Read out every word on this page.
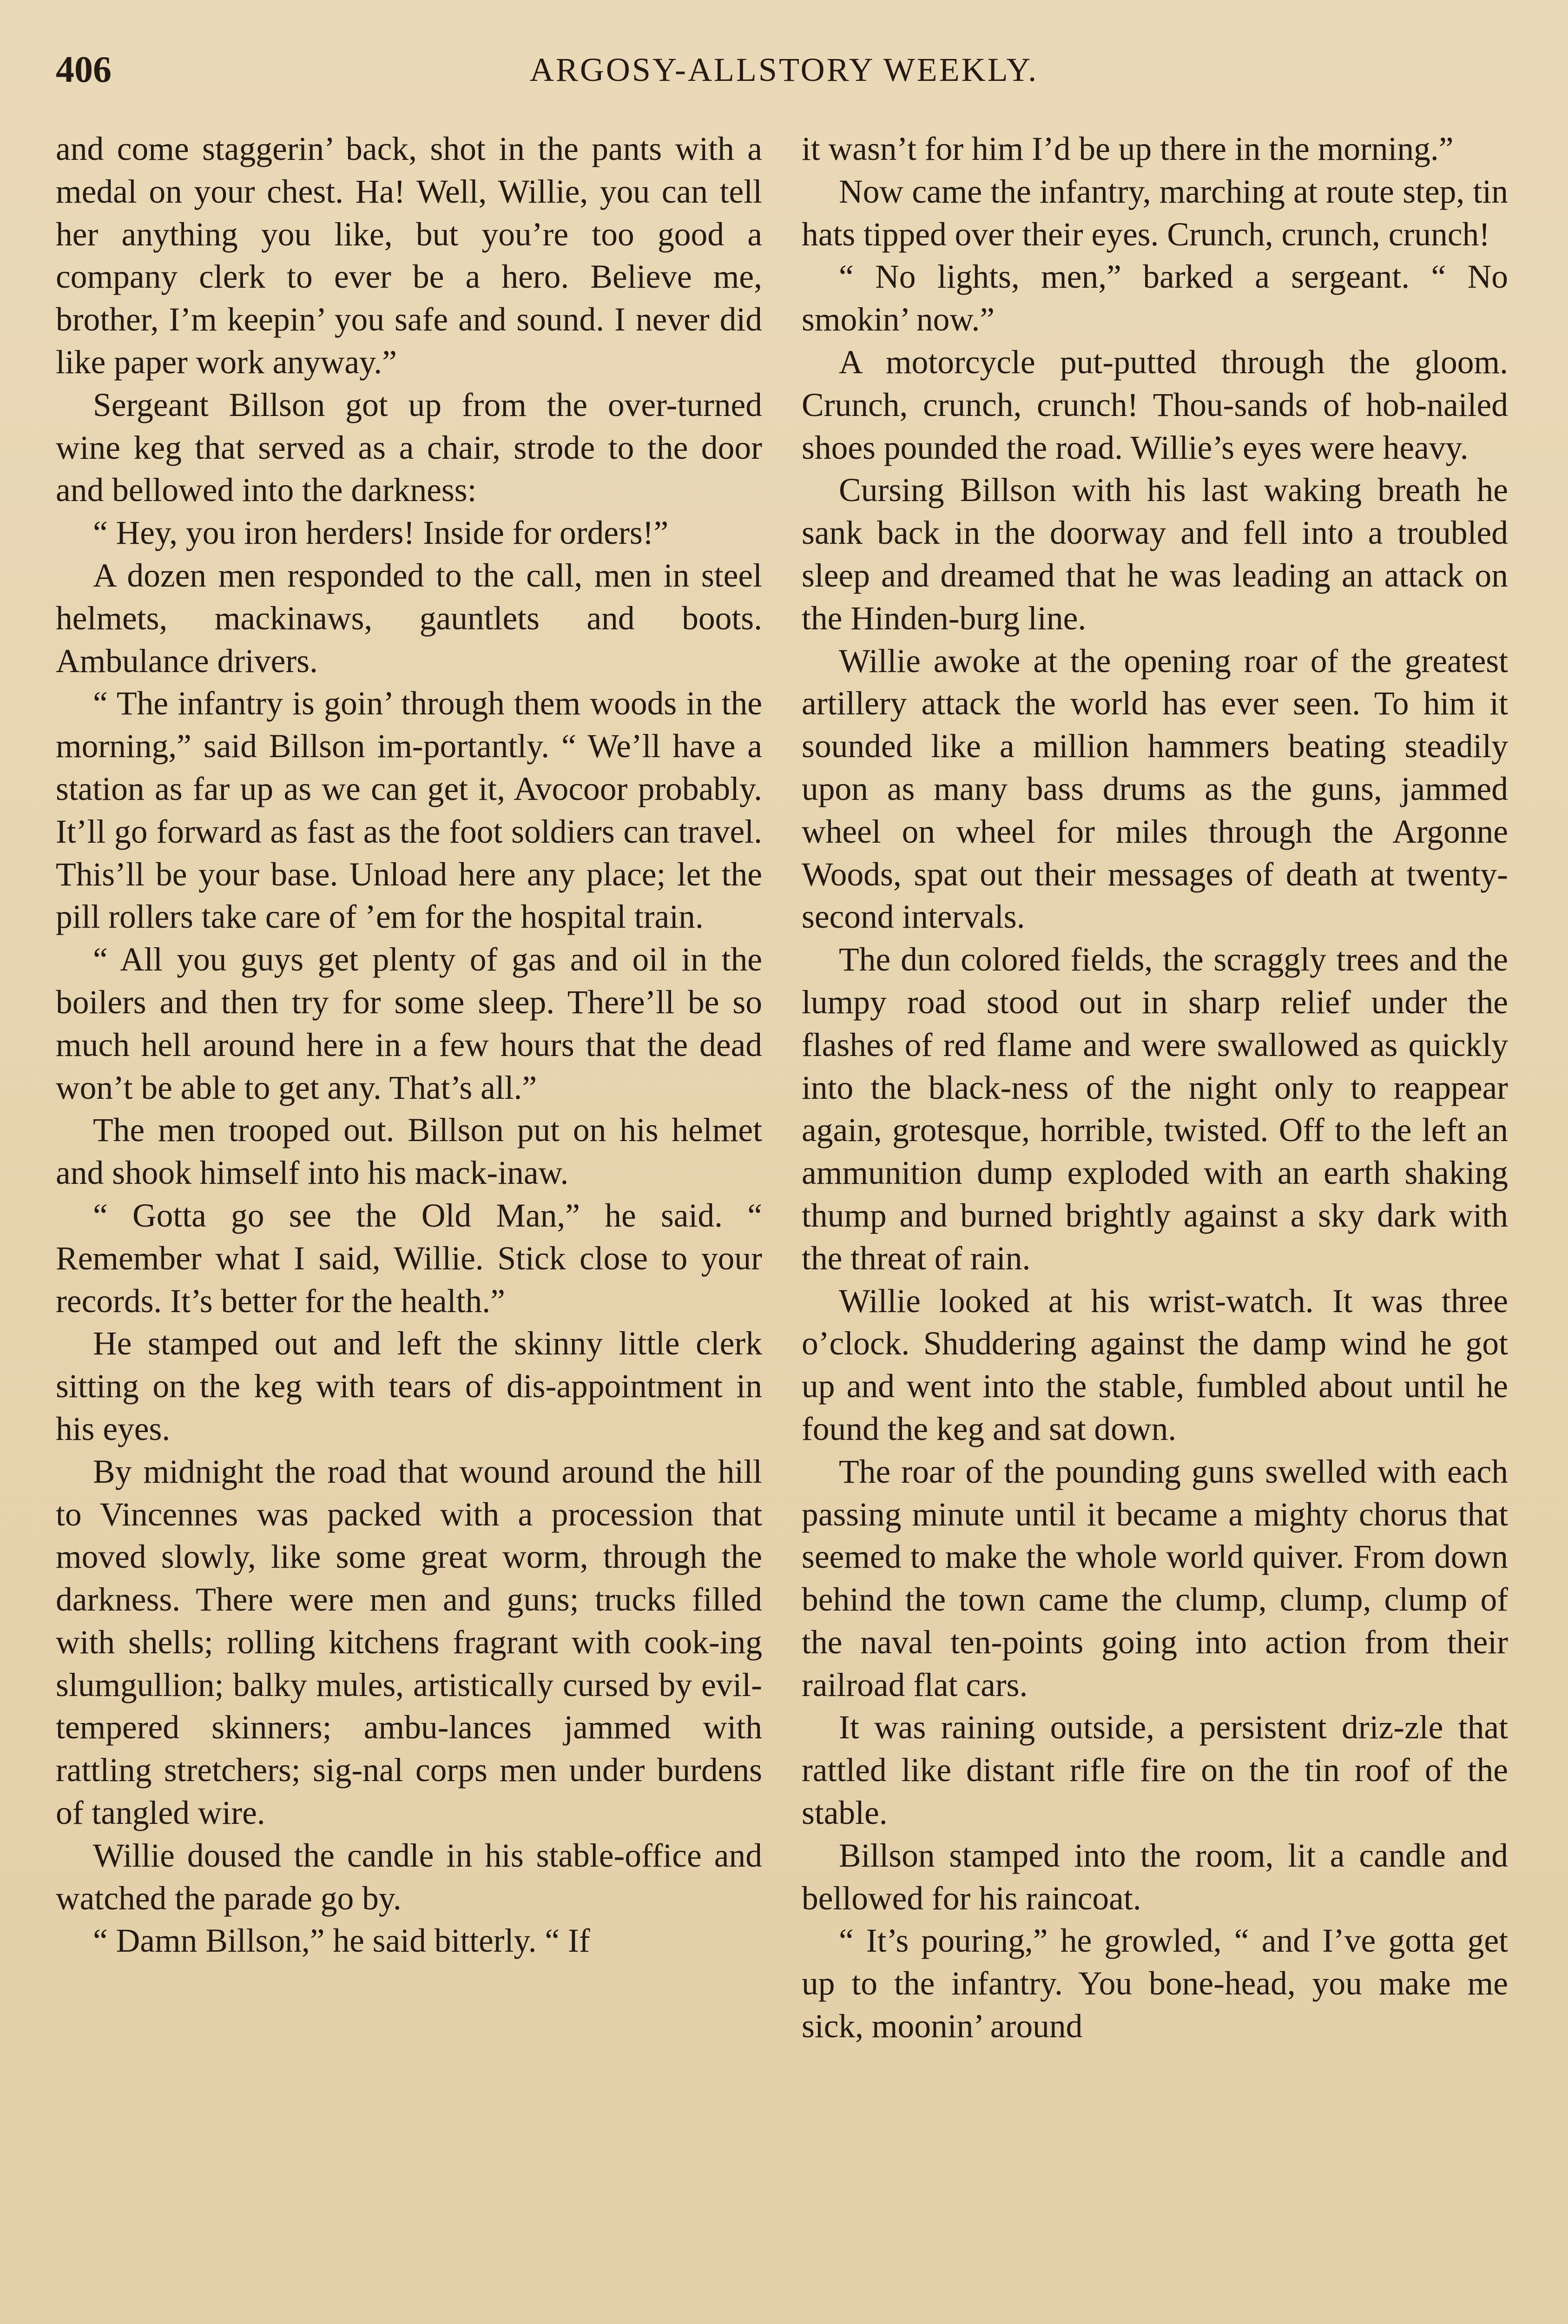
406	ARGOSY-ALLSTORY WEEKLY.

and come staggerin’ back, shot in the pants with a medal on your chest. Ha! Well, Willie, you can tell her anything you like, but you’re too good a company clerk to ever be a hero. Believe me, brother, I’m keepin’ you safe and sound. I never did like paper work anyway.”

Sergeant Billson got up from the over-turned wine keg that served as a chair, strode to the door and bellowed into the darkness:

“ Hey, you iron herders! Inside for orders!”

A dozen men responded to the call, men in steel helmets, mackinaws, gauntlets and boots. Ambulance drivers.

“ The infantry is goin’ through them woods in the morning,” said Billson im-portantly. “ We’ll have a station as far up as we can get it, Avocoor probably. It’ll go forward as fast as the foot soldiers can travel. This’ll be your base. Unload here any place; let the pill rollers take care of ’em for the hospital train.

“ All you guys get plenty of gas and oil in the boilers and then try for some sleep. There’ll be so much hell around here in a few hours that the dead won’t be able to get any. That’s all.”

The men trooped out. Billson put on his helmet and shook himself into his mack-inaw.

“ Gotta go see the Old Man,” he said. “ Remember what I said, Willie. Stick close to your records. It’s better for the health.”

He stamped out and left the skinny little clerk sitting on the keg with tears of dis-appointment in his eyes.

By midnight the road that wound around the hill to Vincennes was packed with a procession that moved slowly, like some great worm, through the darkness. There were men and guns; trucks filled with shells; rolling kitchens fragrant with cook-ing slumgullion; balky mules, artistically cursed by evil-tempered skinners; ambu-lances jammed with rattling stretchers; sig-nal corps men under burdens of tangled wire.

Willie doused the candle in his stable-office and watched the parade go by.

“ Damn Billson,” he said bitterly. “ If

it wasn’t for him I’d be up there in the morning.”

Now came the infantry, marching at route step, tin hats tipped over their eyes. Crunch, crunch, crunch!

“ No lights, men,” barked a sergeant. “ No smokin’ now.”

A motorcycle put-putted through the gloom. Crunch, crunch, crunch! Thou-sands of hob-nailed shoes pounded the road. Willie’s eyes were heavy.

Cursing Billson with his last waking breath he sank back in the doorway and fell into a troubled sleep and dreamed that he was leading an attack on the Hinden-burg line.

Willie awoke at the opening roar of the greatest artillery attack the world has ever seen. To him it sounded like a million hammers beating steadily upon as many bass drums as the guns, jammed wheel on wheel for miles through the Argonne Woods, spat out their messages of death at twenty-second intervals.

The dun colored fields, the scraggly trees and the lumpy road stood out in sharp relief under the flashes of red flame and were swallowed as quickly into the black-ness of the night only to reappear again, grotesque, horrible, twisted. Off to the left an ammunition dump exploded with an earth shaking thump and burned brightly against a sky dark with the threat of rain.

Willie looked at his wrist-watch. It was three o’clock. Shuddering against the damp wind he got up and went into the stable, fumbled about until he found the keg and sat down.

The roar of the pounding guns swelled with each passing minute until it became a mighty chorus that seemed to make the whole world quiver. From down behind the town came the clump, clump, clump of the naval ten-points going into action from their railroad flat cars.

It was raining outside, a persistent driz-zle that rattled like distant rifle fire on the tin roof of the stable.

Billson stamped into the room, lit a candle and bellowed for his raincoat.

“ It’s pouring,” he growled, “ and I’ve gotta get up to the infantry. You bone-head, you make me sick, moonin’ around
